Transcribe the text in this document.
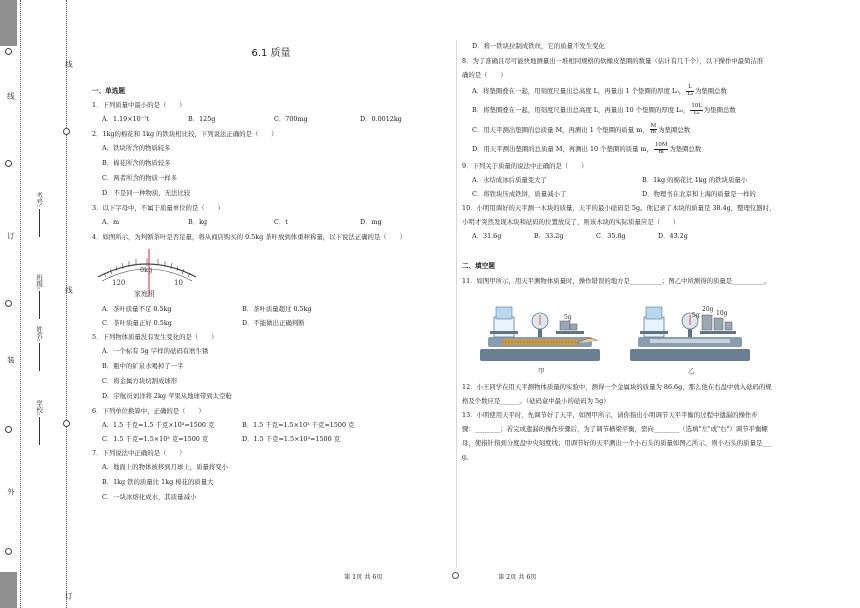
线
订
装
外
线
线
订
学校:
姓名:
班级:
考号:
6.1 质量
一、单选题
1．下列质量中最小的是（　　）
A．1.19×10⁻⁷t	B．125g	C．700mg	D．0.0012kg
2．1kg的棉花和 1kg 的铁块相比较，下列说法正确的是（　　）
A．铁块所含的物质较多
B．棉花所含的物质较多
C．两者所含的物质一样多
D．不是同一种物质，无法比较
3．以下字母中，不属于质量单位的是（　　）
A．m	B．kg	C．t	D．mg
4．如图所示，为判断茶叶是否足量，将从商店购买的 0.5kg 茶叶放到体重秤称量，以下说法正确的是（　　）
120
0kg
10
家庭用
A．茶叶质量不足 0.5kg	B．茶叶质量超过 0.5kg
C．茶叶质量正好 0.5kg	D．不能做出正确判断
5．下列物体质量没有发生变化的是（　　）
A．一个标有 5g 字样的砝码有磨生锈
B．瓶中的矿泉水喝掉了一半
C．将金属方块切割成球形
D．宇航员刘洋将 2kg 苹果从地球带到太空舱
6．下列单位换算中，正确的是（　　）
A．1.5 千克=1.5 千克×10³=1500 克	B．1.5 千克=1.5×10³ 千克=1500 克
C．1.5 千克=1.5×10³ 克=1500 克	D．1.5 千克=1.5×10³=1500 克
7．下列说法中正确的是（　　）
A．地面上的物体被移到月球上，质量将变小
B．1kg 铁的质量比 1kg 棉花的质量大
C．一块冰熔化成水，其质量减小
D．将一铁块拉制成铁丝，它的质量不发生变化
8．为了准确且尽可能快地测量出一堆相同规格的软橡皮垫圈的数量（估计有几千个），以下操作中最简洁准
确的是（　　）
A．将垫圈叠在一起，用刻度尺量出总高度 L，再量出 1 个垫圈的厚度 L₀， $\frac{L}{\text{L₀}}$ 为垫圈总数
B．将垫圈叠在一起，用刻度尺量出总高度 L，再量出 10 个垫圈的厚度 L₀， $\frac{10L}{\text{L₀}}$ 为垫圈总数
C．用天平测出垫圈的总质量 M，再测出 1 个垫圈的质量 m， $\frac{M}{m}$ 为垫圈总数
D．用天平测出垫圈的总质量 M，再测出 10 个垫圈的质量 m， $\frac{10M}{m}$ 为垫圈总数
9．下列关于质量的说法中正确的是（　　）
A．水结成冰后质量变大了	B．1kg 的棉花比 1kg 的铁块质量小
C．将铁块压成铁饼，质量减小了	D．物理书在北京和上海的质量是一样的
10．小明用调好的天平测一木块的质量，天平的最小砝码是 5g。他记录了木块的质量是 38.4g，整理仪器时，
小明才突然发现木块和砝码的位置放反了，则该木块的实际质量应是（　　）
A．31.6g	B．33.2g	C．35.8g	D．43.2g
二、填空题
11．如图甲所示，用天平测物体质量时，操作错误的地方是__________；图乙中所测得的质量是__________。
5g
甲
20g
10g
5g
乙
12．小王同学在用天平测物体质量的实验中，测得一个金属块的质量为 86.6g，那么他在右盘中放入砝码的规
格及个数应是______。（砝码盒中最小的砝码为 5g）
13．小明使用天平时，先调节好了天平，如图甲所示，请你指出小明调节天平平衡的过程中遗漏的操作步
骤：________；若完成遗漏的操作步骤后，为了调节横梁平衡，需向________（选填"左"或"右"）调节平衡螺
母，使指针指到分度盘中央刻度线；用调节好的天平测出一个小石头的质量如图乙所示，则小石头的质量是___
g。
第 1页 共 6页	第 2页 共 6页
